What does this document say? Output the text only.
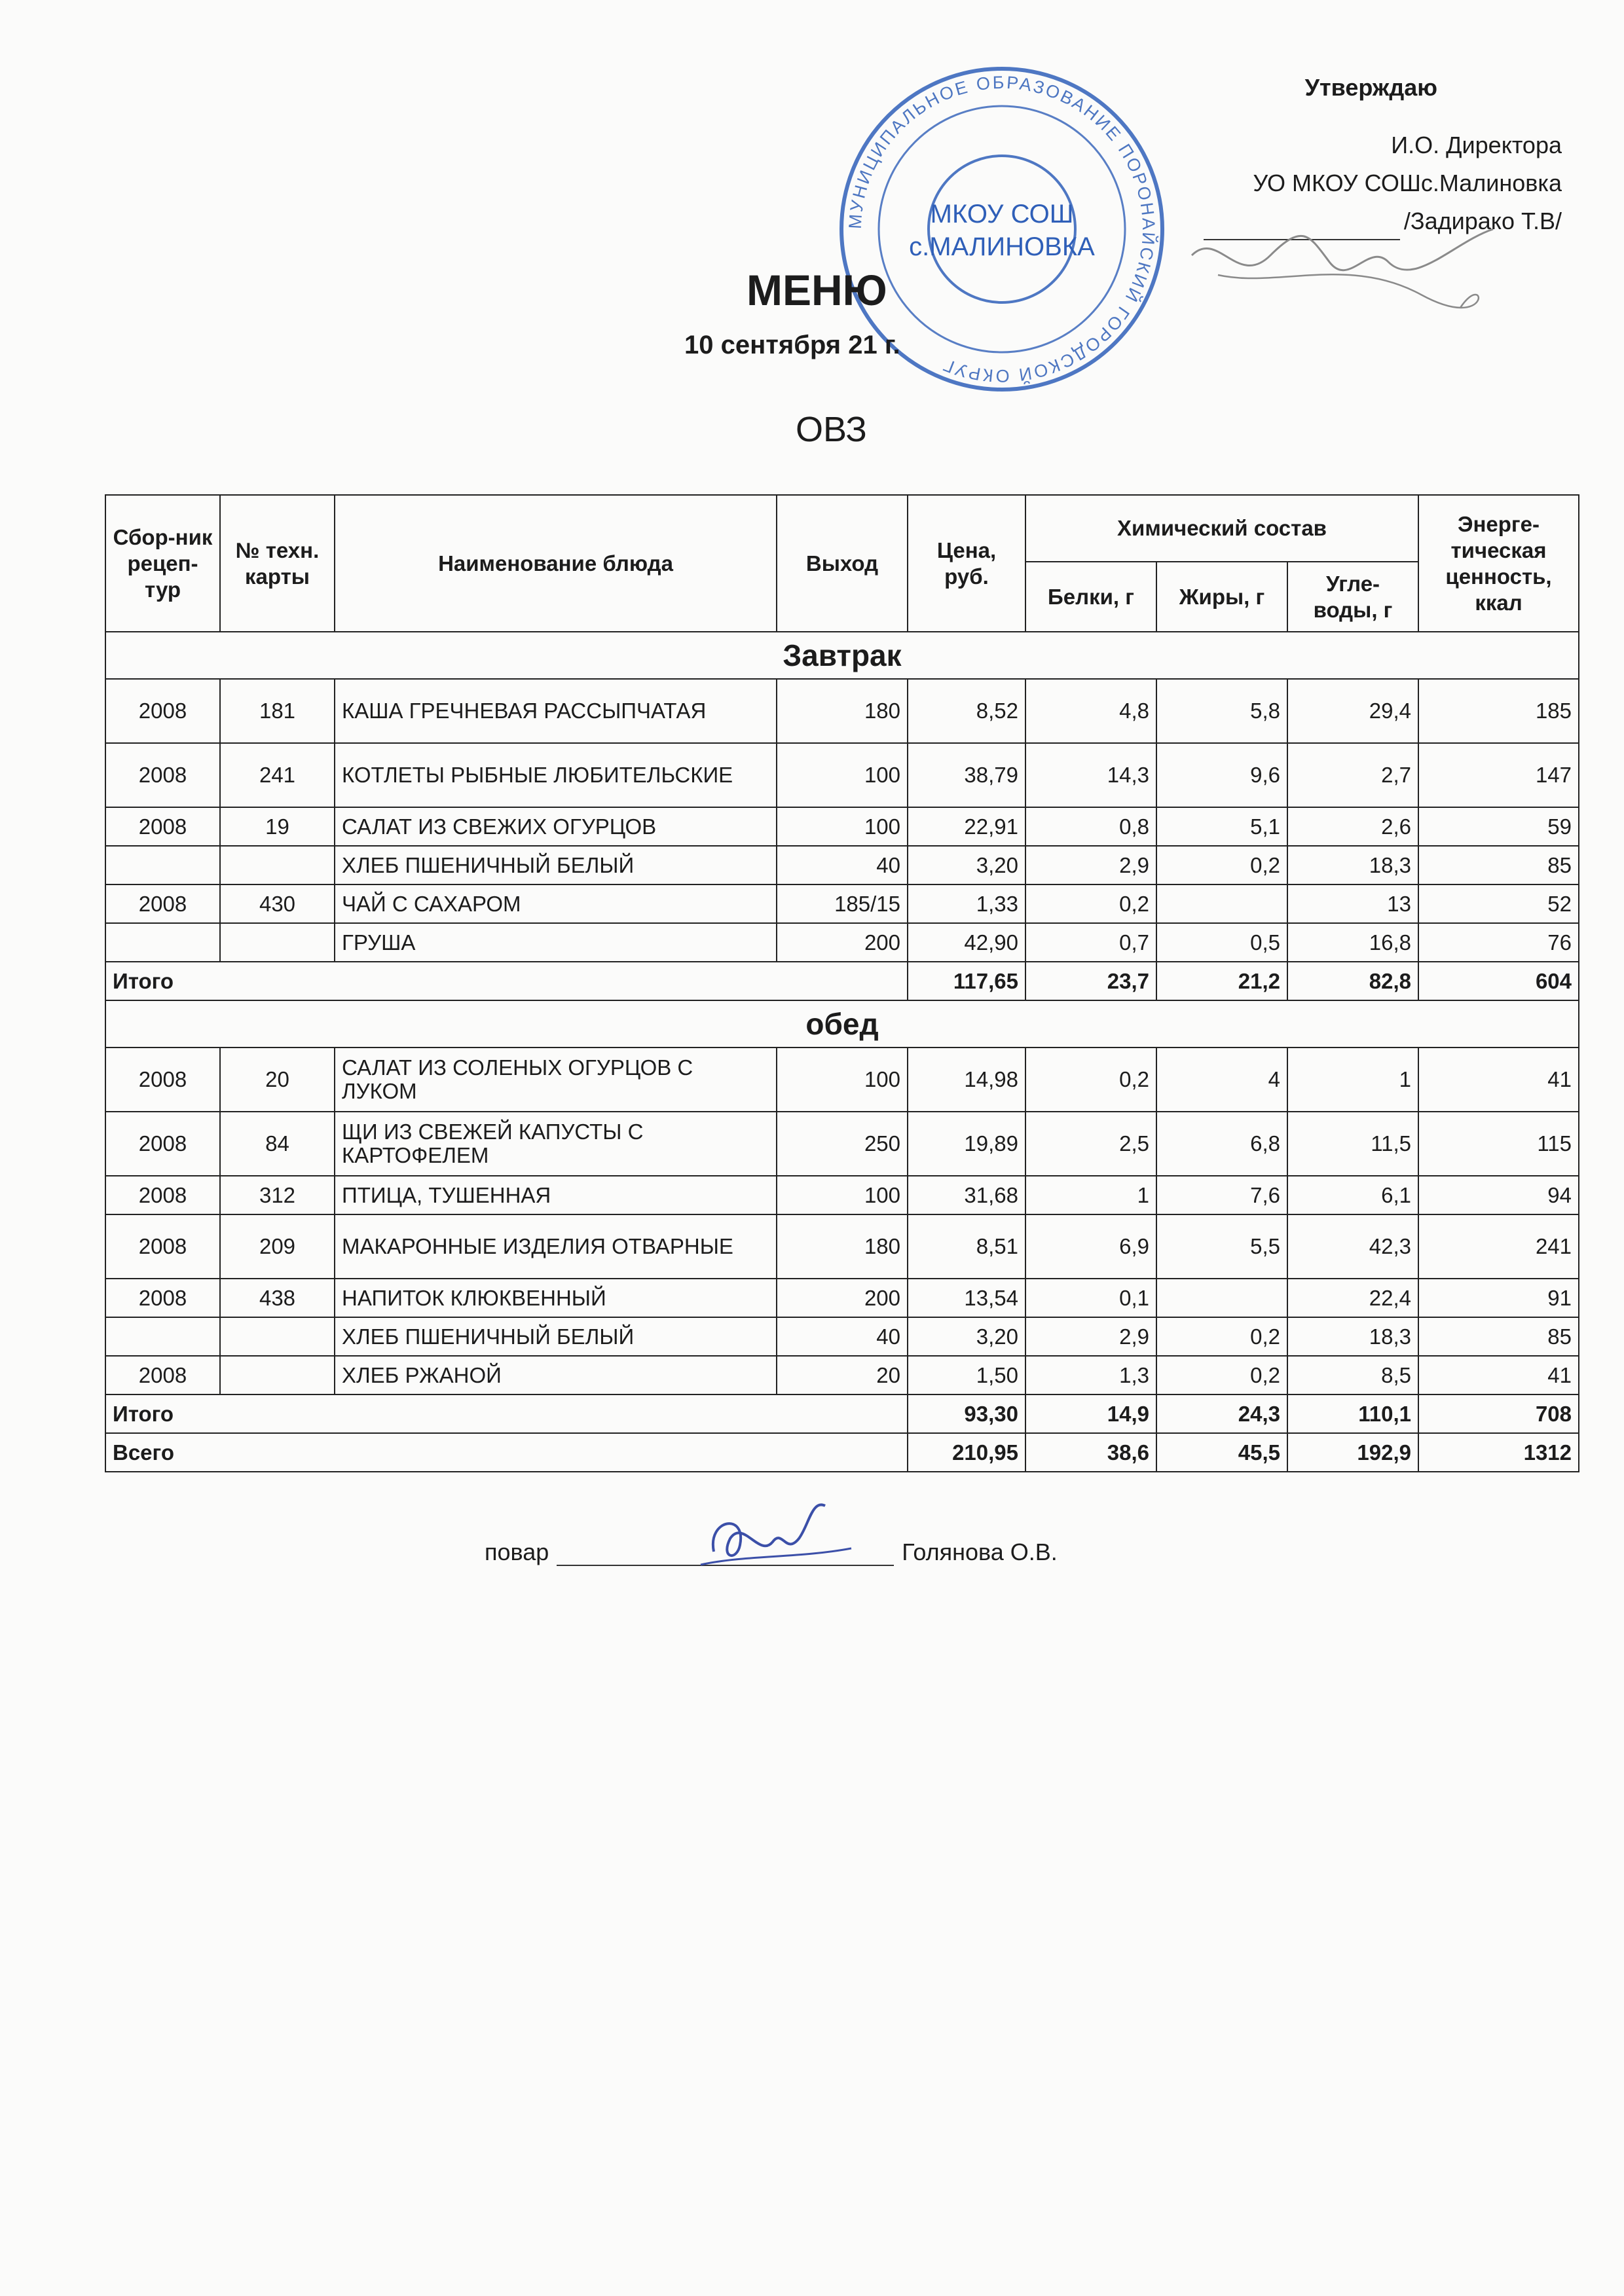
Утверждаю
И.О. Директора
УО МКОУ СОШс.Малиновка
/Задирако Т.В/
МУНИЦИПАЛЬНОЕ ОБРАЗОВАНИЕ ПОРОНАЙСКИЙ ГОРОДСКОЙ ОКРУГ
МКОУ СОШ
с.МАЛИНОВКА
МЕНЮ
10 сентября 21 г.
ОВЗ
Сбор-ник рецеп-тур	№ техн. карты	Наименование блюда	Выход	Цена, руб.	Химический состав			Энерге-тическая ценность, ккал
					Белки, г	Жиры, г	Угле-воды, г	
Завтрак								
2008	181	КАША ГРЕЧНЕВАЯ РАССЫПЧАТАЯ	180	8,52	4,8	5,8	29,4	185
2008	241	КОТЛЕТЫ РЫБНЫЕ ЛЮБИТЕЛЬСКИЕ	100	38,79	14,3	9,6	2,7	147
2008	19	САЛАТ ИЗ СВЕЖИХ ОГУРЦОВ	100	22,91	0,8	5,1	2,6	59
		ХЛЕБ ПШЕНИЧНЫЙ БЕЛЫЙ	40	3,20	2,9	0,2	18,3	85
2008	430	ЧАЙ С САХАРОМ	185/15	1,33	0,2		13	52
		ГРУША	200	42,90	0,7	0,5	16,8	76
Итого				117,65	23,7	21,2	82,8	604
обед								
2008	20	САЛАТ ИЗ СОЛЕНЫХ ОГУРЦОВ С ЛУКОМ	100	14,98	0,2	4	1	41
2008	84	ЩИ ИЗ СВЕЖЕЙ КАПУСТЫ С КАРТОФЕЛЕМ	250	19,89	2,5	6,8	11,5	115
2008	312	ПТИЦА, ТУШЕННАЯ	100	31,68	1	7,6	6,1	94
2008	209	МАКАРОННЫЕ ИЗДЕЛИЯ ОТВАРНЫЕ	180	8,51	6,9	5,5	42,3	241
2008	438	НАПИТОК КЛЮКВЕННЫЙ	200	13,54	0,1		22,4	91
		ХЛЕБ ПШЕНИЧНЫЙ БЕЛЫЙ	40	3,20	2,9	0,2	18,3	85
2008		ХЛЕБ РЖАНОЙ	20	1,50	1,3	0,2	8,5	41
Итого				93,30	14,9	24,3	110,1	708
Всего				210,95	38,6	45,5	192,9	1312
повар	Голянова О.В.
